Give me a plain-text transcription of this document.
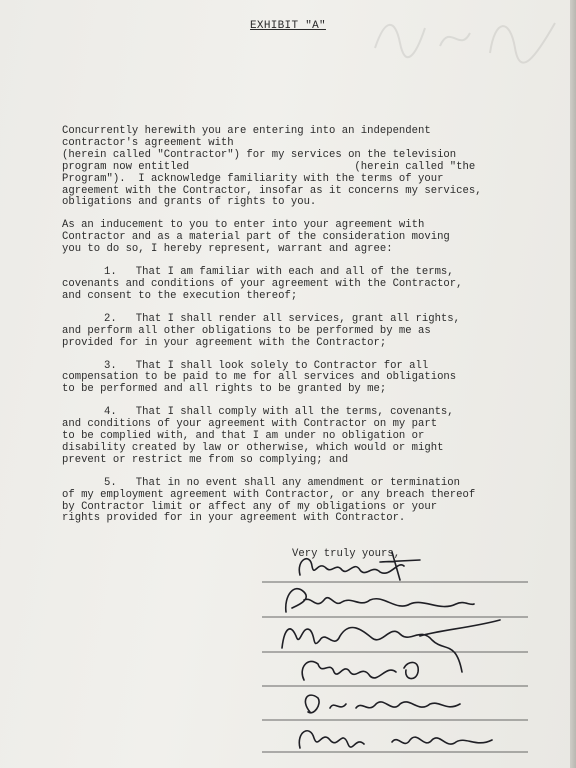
EXHIBIT "A"

Concurrently herewith you are entering into an independent

contractor's agreement with

(herein called "Contractor") for my services on the television

program now entitled                          (herein called "the

Program").  I acknowledge familiarity with the terms of your

agreement with the Contractor, insofar as it concerns my services,

obligations and grants of rights to you.

As an inducement to you to enter into your agreement with

Contractor and as a material part of the consideration moving

you to do so, I hereby represent, warrant and agree:

1.   That I am familiar with each and all of the terms,

covenants and conditions of your agreement with the Contractor,

and consent to the execution thereof;

2.   That I shall render all services, grant all rights,

and perform all other obligations to be performed by me as

provided for in your agreement with the Contractor;

3.   That I shall look solely to Contractor for all

compensation to be paid to me for all services and obligations

to be performed and all rights to be granted by me;

4.   That I shall comply with all the terms, covenants,

and conditions of your agreement with Contractor on my part

to be complied with, and that I am under no obligation or

disability created by law or otherwise, which would or might

prevent or restrict me from so complying; and

5.   That in no event shall any amendment or termination

of my employment agreement with Contractor, or any breach thereof

by Contractor limit or affect any of my obligations or your

rights provided for in your agreement with Contractor.

Very truly yours,
